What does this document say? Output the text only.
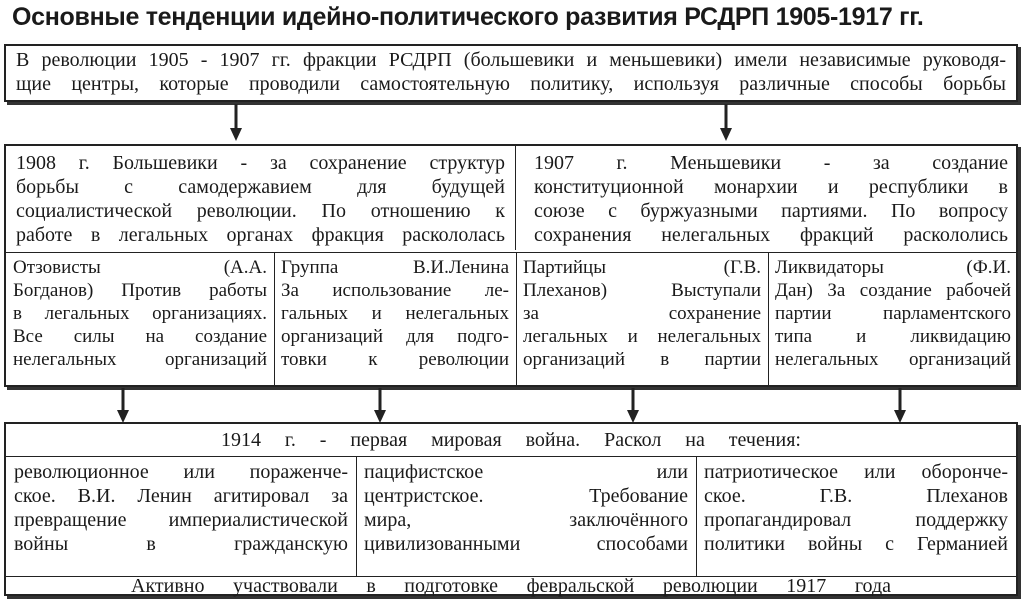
Основные тенденции идейно-политического развития РСДРП 1905-1917 гг.
В революции 1905 - 1907 гг. фракции РСДРП (большевики и меньшевики) имели независимые руководя-
щие центры, которые проводили самостоятельную политику, используя различные способы борьбы
1908 г. Большевики - за сохранение структур
борьбы с самодержавием для будущей
социалистической революции. По отношению к
работе в легальных органах фракция раскололась
1907 г. Меньшевики - за создание
конституционной монархии и республики в
союзе с буржуазными партиями. По вопросу
сохранения нелегальных фракций раскололись
Отзовисты (А.А.
Богданов) Против работы
в легальных организациях.
Все силы на создание
нелегальных организаций
Группа В.И.Ленина
За использование ле-
гальных и нелегальных
организаций для подго-
товки к революции
Партийцы (Г.В.
Плеханов) Выступали
за сохранение
легальных и нелегальных
организаций в партии
Ликвидаторы (Ф.И.
Дан) За создание рабочей
партии парламентского
типа и ликвидацию
нелегальных организаций
1914 г. - первая мировая война. Раскол на течения:
революционное или пораженче-
ское. В.И. Ленин агитировал за
превращение империалистической
войны в гражданскую
пацифистское или
центристское. Требование
мира, заключённого
цивилизованными способами
патриотическое или оборонче-
ское. Г.В. Плеханов
пропагандировал поддержку
политики войны с Германией
Активно участвовали в подготовке февральской революции 1917 года
